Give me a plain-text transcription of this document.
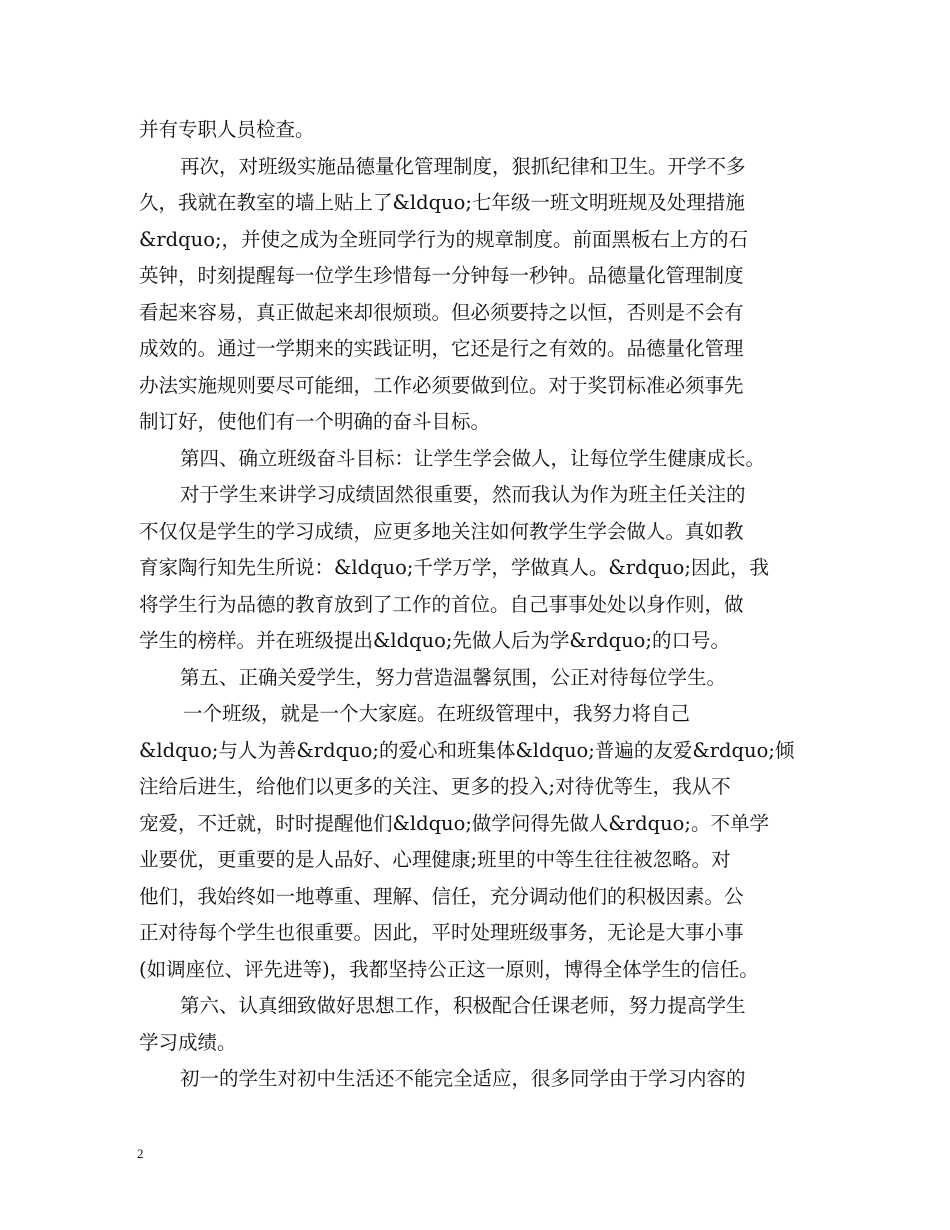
并有专职人员检查。
再次，对班级实施品德量化管理制度，狠抓纪律和卫生。开学不多
久，我就在教室的墙上贴上了&ldquo;七年级一班文明班规及处理措施
&rdquo;，并使之成为全班同学行为的规章制度。前面黑板右上方的石
英钟，时刻提醒每一位学生珍惜每一分钟每一秒钟。品德量化管理制度
看起来容易，真正做起来却很烦琐。但必须要持之以恒，否则是不会有
成效的。通过一学期来的实践证明，它还是行之有效的。品德量化管理
办法实施规则要尽可能细，工作必须要做到位。对于奖罚标准必须事先
制订好，使他们有一个明确的奋斗目标。
第四、确立班级奋斗目标：让学生学会做人，让每位学生健康成长。
对于学生来讲学习成绩固然很重要，然而我认为作为班主任关注的
不仅仅是学生的学习成绩，应更多地关注如何教学生学会做人。真如教
育家陶行知先生所说：&ldquo;千学万学，学做真人。&rdquo;因此，我
将学生行为品德的教育放到了工作的首位。自己事事处处以身作则，做
学生的榜样。并在班级提出&ldquo;先做人后为学&rdquo;的口号。
第五、正确关爱学生，努力营造温馨氛围，公正对待每位学生。
一个班级，就是一个大家庭。在班级管理中，我努力将自己
&ldquo;与人为善&rdquo;的爱心和班集体&ldquo;普遍的友爱&rdquo;倾
注给后进生，给他们以更多的关注、更多的投入;对待优等生，我从不
宠爱，不迁就，时时提醒他们&ldquo;做学问得先做人&rdquo;。不单学
业要优，更重要的是人品好、心理健康;班里的中等生往往被忽略。对
他们，我始终如一地尊重、理解、信任，充分调动他们的积极因素。公
正对待每个学生也很重要。因此，平时处理班级事务，无论是大事小事
(如调座位、评先进等)，我都坚持公正这一原则，博得全体学生的信任。
第六、认真细致做好思想工作，积极配合任课老师，努力提高学生
学习成绩。
初一的学生对初中生活还不能完全适应，很多同学由于学习内容的
2
